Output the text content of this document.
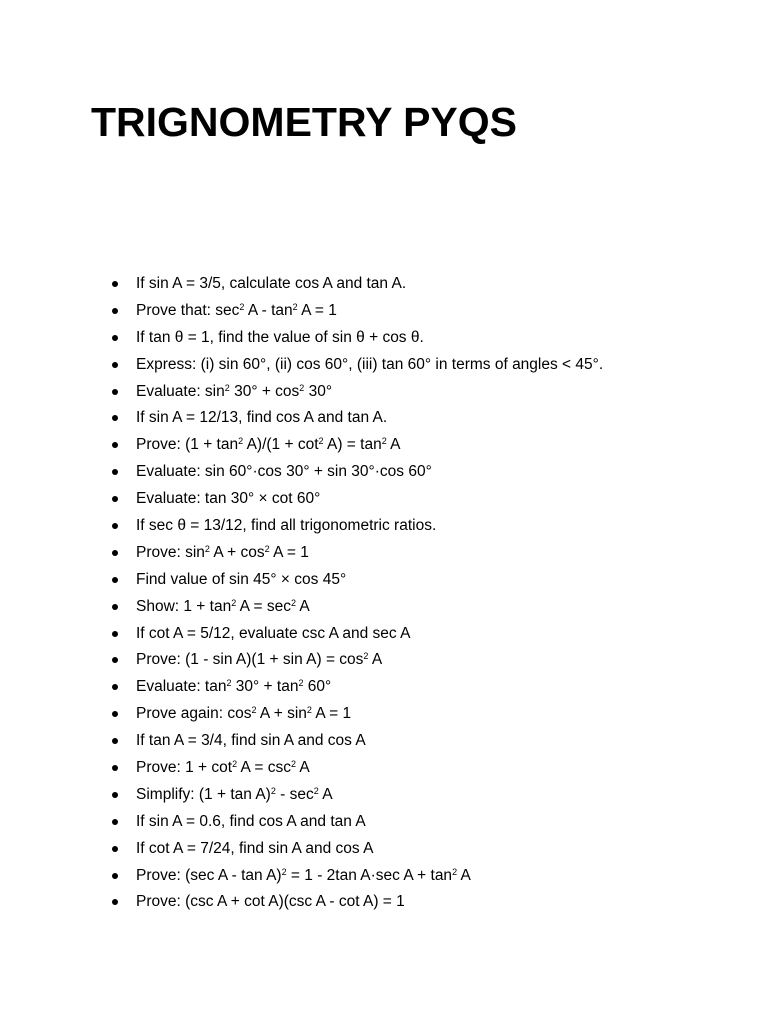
TRIGNOMETRY PYQS
If sin A = 3/5, calculate cos A and tan A.
Prove that: $\sec^2 A - \tan^2 A = 1$
If tan θ = 1, find the value of sin θ + cos θ.
Express: (i) sin 60°, (ii) cos 60°, (iii) tan 60° in terms of angles < 45°.
Evaluate: $\sin^2 30^\circ + \cos^2 30^\circ$
If sin A = 12/13, find cos A and tan A.
Prove: $(1 + \tan^2 A)/(1 + \cot^2 A) = \tan^2 A$
Evaluate: sin 60°·cos 30° + sin 30°·cos 60°
Evaluate: tan 30° × cot 60°
If sec θ = 13/12, find all trigonometric ratios.
Prove: $\sin^2 A + \cos^2 A = 1$
Find value of sin 45° × cos 45°
Show: $1 + \tan^2 A = \sec^2 A$
If cot A = 5/12, evaluate csc A and sec A
Prove: $(1 - \sin A)(1 + \sin A) = \cos^2 A$
Evaluate: $\tan^2 30^\circ + \tan^2 60^\circ$
Prove again: $\cos^2 A + \sin^2 A = 1$
If tan A = 3/4, find sin A and cos A
Prove: $1 + \cot^2 A = \csc^2 A$
Simplify: $(1 + \tan A)^2 - \sec^2 A$
If sin A = 0.6, find cos A and tan A
If cot A = 7/24, find sin A and cos A
Prove: (sec A - tan A)$^2$ = 1 - 2tan A·sec $A + \tan^2 A$
Prove: (csc A + cot A)(csc A - cot A) = 1
